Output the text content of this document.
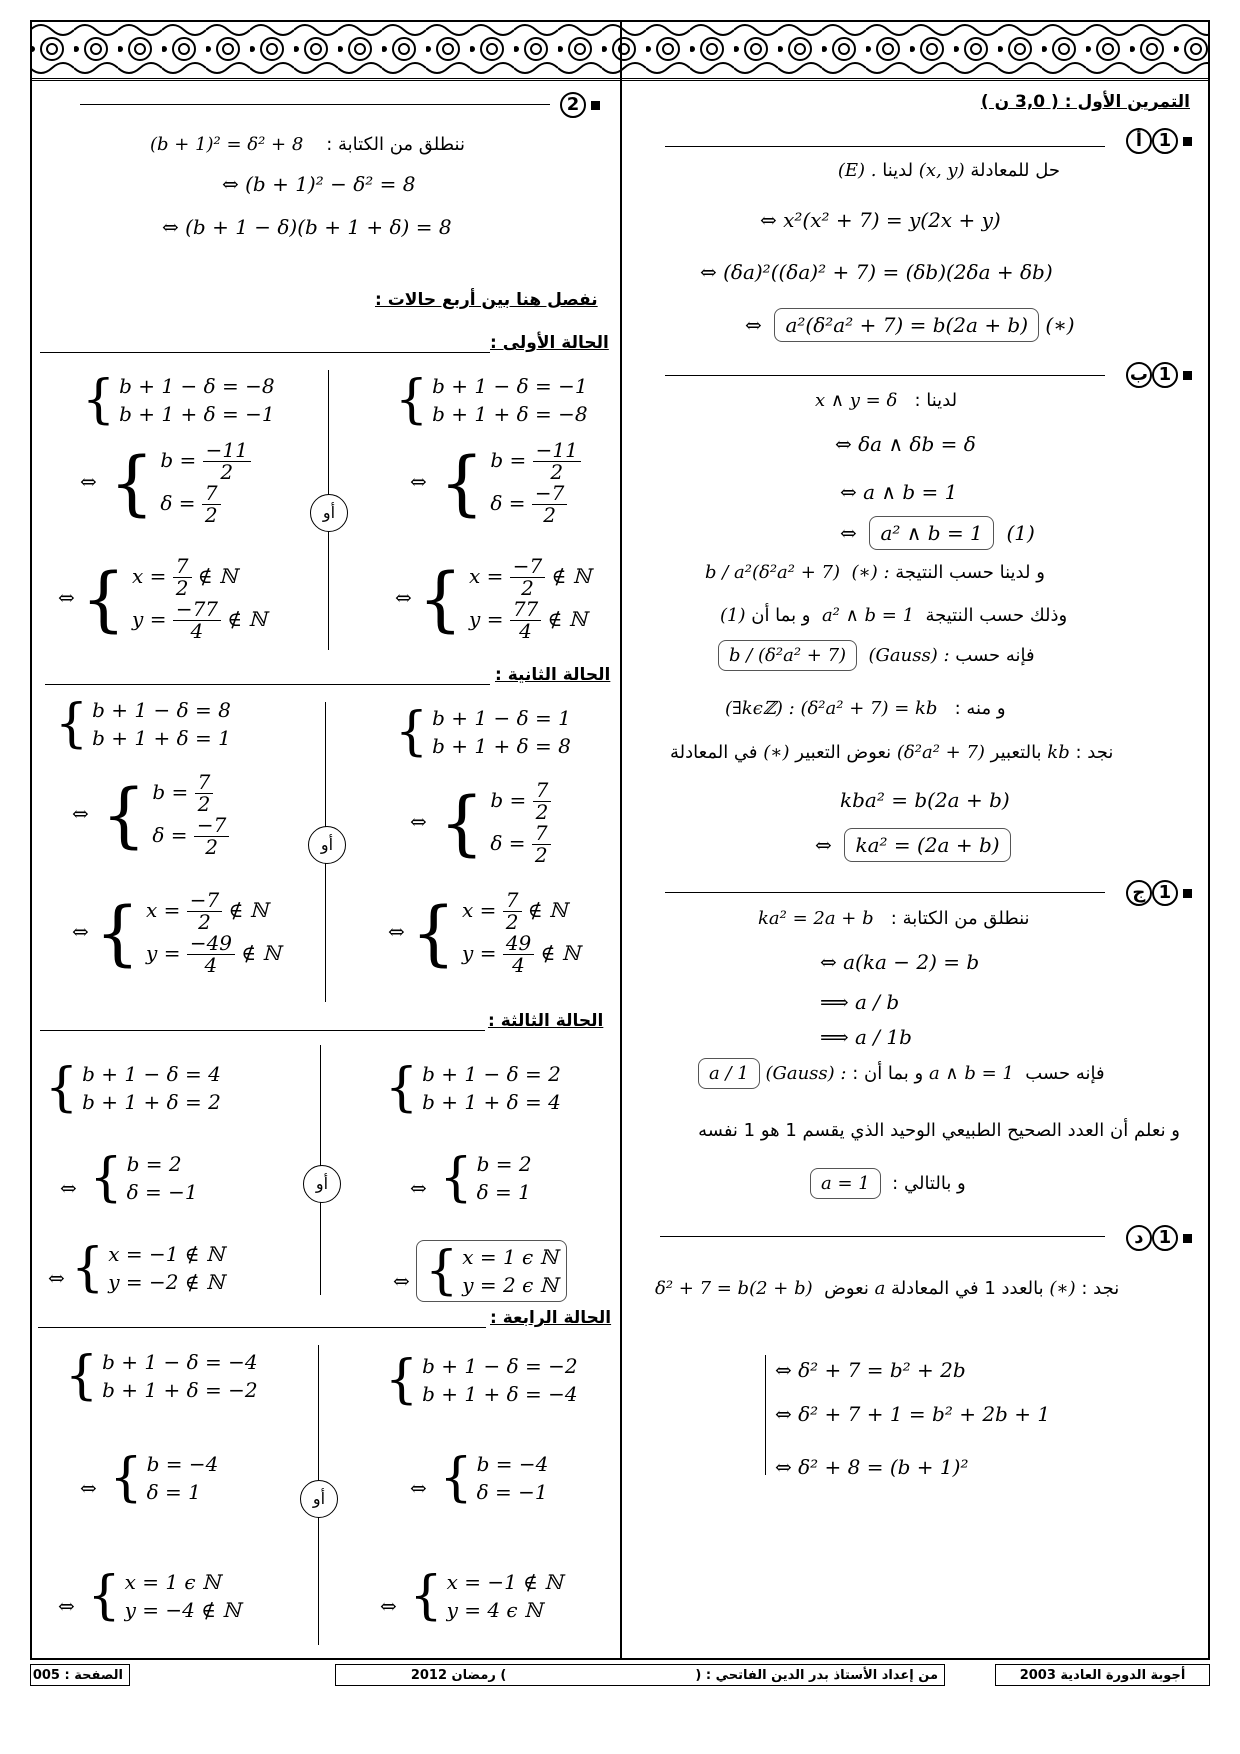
التمرين الأول : ( 3,0 ن )
أ 1
(E) .	حل للمعادلة (x, y) لدينا
⇔ x²(x² + 7) = y(2x + y)
⇔ (δa)²((δa)² + 7) = (δb)(2δa + δb)
⇔ a²(δ²a² + 7) = b(2a + b) (∗)
ب 1
x ∧ y = δ لدينا :
⇔ δa ∧ δb = δ
⇔ a ∧ b = 1
⇔ a² ∧ b = 1 (1)
b / a²(δ²a² + 7) (∗) : و لدينا حسب النتيجة
(1)	وذلك حسب النتيجة  a² ∧ b = 1  و بما أن
b / (δ²a² + 7) (Gauss) : فإنه حسب
(∃kϵℤ) : (δ²a² + 7) = kb و منه :
نجد : kb بالتعبير (δ²a² + 7) نعوض التعبير (∗) في المعادلة
kba² = b(2a + b)
⇔ ka² = (2a + b)
ج 1
ka² = 2a + b ننطلق من الكتابة :
⇔ a(ka − 2) = b
⟹ a / b
⟹ a / 1b
a / 1 (Gauss) :	فإنه حسب  a ∧ b = 1 و بما أن :
و نعلم أن العدد الصحيح الطبيعي الوحيد الذي يقسم 1 هو 1 نفسه
a = 1 و بالتالي :
د 1
δ² + 7 = b(2 + b)	نجد : (∗) بالعدد 1 في المعادلة a نعوض
⇔ δ² + 7 = b² + 2b
⇔ δ² + 7 + 1 = b² + 2b + 1
⇔ δ² + 8 = (b + 1)²
2
(b + 1)² = δ² + 8 ننطلق من الكتابة :
⇔ (b + 1)² − δ² = 8
⇔ (b + 1 − δ)(b + 1 + δ) = 8
نفصل هنا بين أربع حالات :
الحالة الأولى :
أو
{ b + 1 − δ = −1
b + 1 + δ = −8
⇔ { $b = \frac{-11}{2}$
$\delta = \frac{-7}{2}$
⇔ { $x = \frac{-7}{2}$ ∉ ℕ
$y = \frac{77}{4}$ ∉ ℕ
{ b + 1 − δ = −8
b + 1 + δ = −1
⇔ { $b = \frac{-11}{2}$
$\delta = \frac{7}{2}$
⇔ { $x = \frac{7}{2}$ ∉ ℕ
$y = \frac{-77}{4}$ ∉ ℕ
الحالة الثانية :
أو
{ b + 1 − δ = 1
b + 1 + δ = 8
⇔ { $b = \frac{7}{2}$
$\delta = \frac{7}{2}$
⇔ { $x = \frac{7}{2}$ ∉ ℕ
$y = \frac{49}{4}$ ∉ ℕ
{ b + 1 − δ = 8
b + 1 + δ = 1
⇔ { $b = \frac{7}{2}$
$\delta = \frac{-7}{2}$
⇔ { $x = \frac{-7}{2}$ ∉ ℕ
$y = \frac{-49}{4}$ ∉ ℕ
الحالة الثالثة :
أو
{ b + 1 − δ = 2
b + 1 + δ = 4
⇔ { b = 2
δ = 1
⇔ { x = 1 ϵ ℕ
y = 2 ϵ ℕ
{ b + 1 − δ = 4
b + 1 + δ = 2
⇔ { b = 2
δ = −1
⇔ { x = −1 ∉ ℕ
y = −2 ∉ ℕ
الحالة الرابعة :
أو
{ b + 1 − δ = −2
b + 1 + δ = −4
⇔ { b = −4
δ = −1
⇔ { x = −1 ∉ ℕ
y = 4 ϵ ℕ
{ b + 1 − δ = −4
b + 1 + δ = −2
⇔ { b = −4
δ = 1
⇔ { x = 1 ϵ ℕ
y = −4 ∉ ℕ
أجوبة الدورة العادية 2003
من إعداد الأستاذ بدر الدين الفاتحي : (  ) رمضان 2012
الصفحة : 005
